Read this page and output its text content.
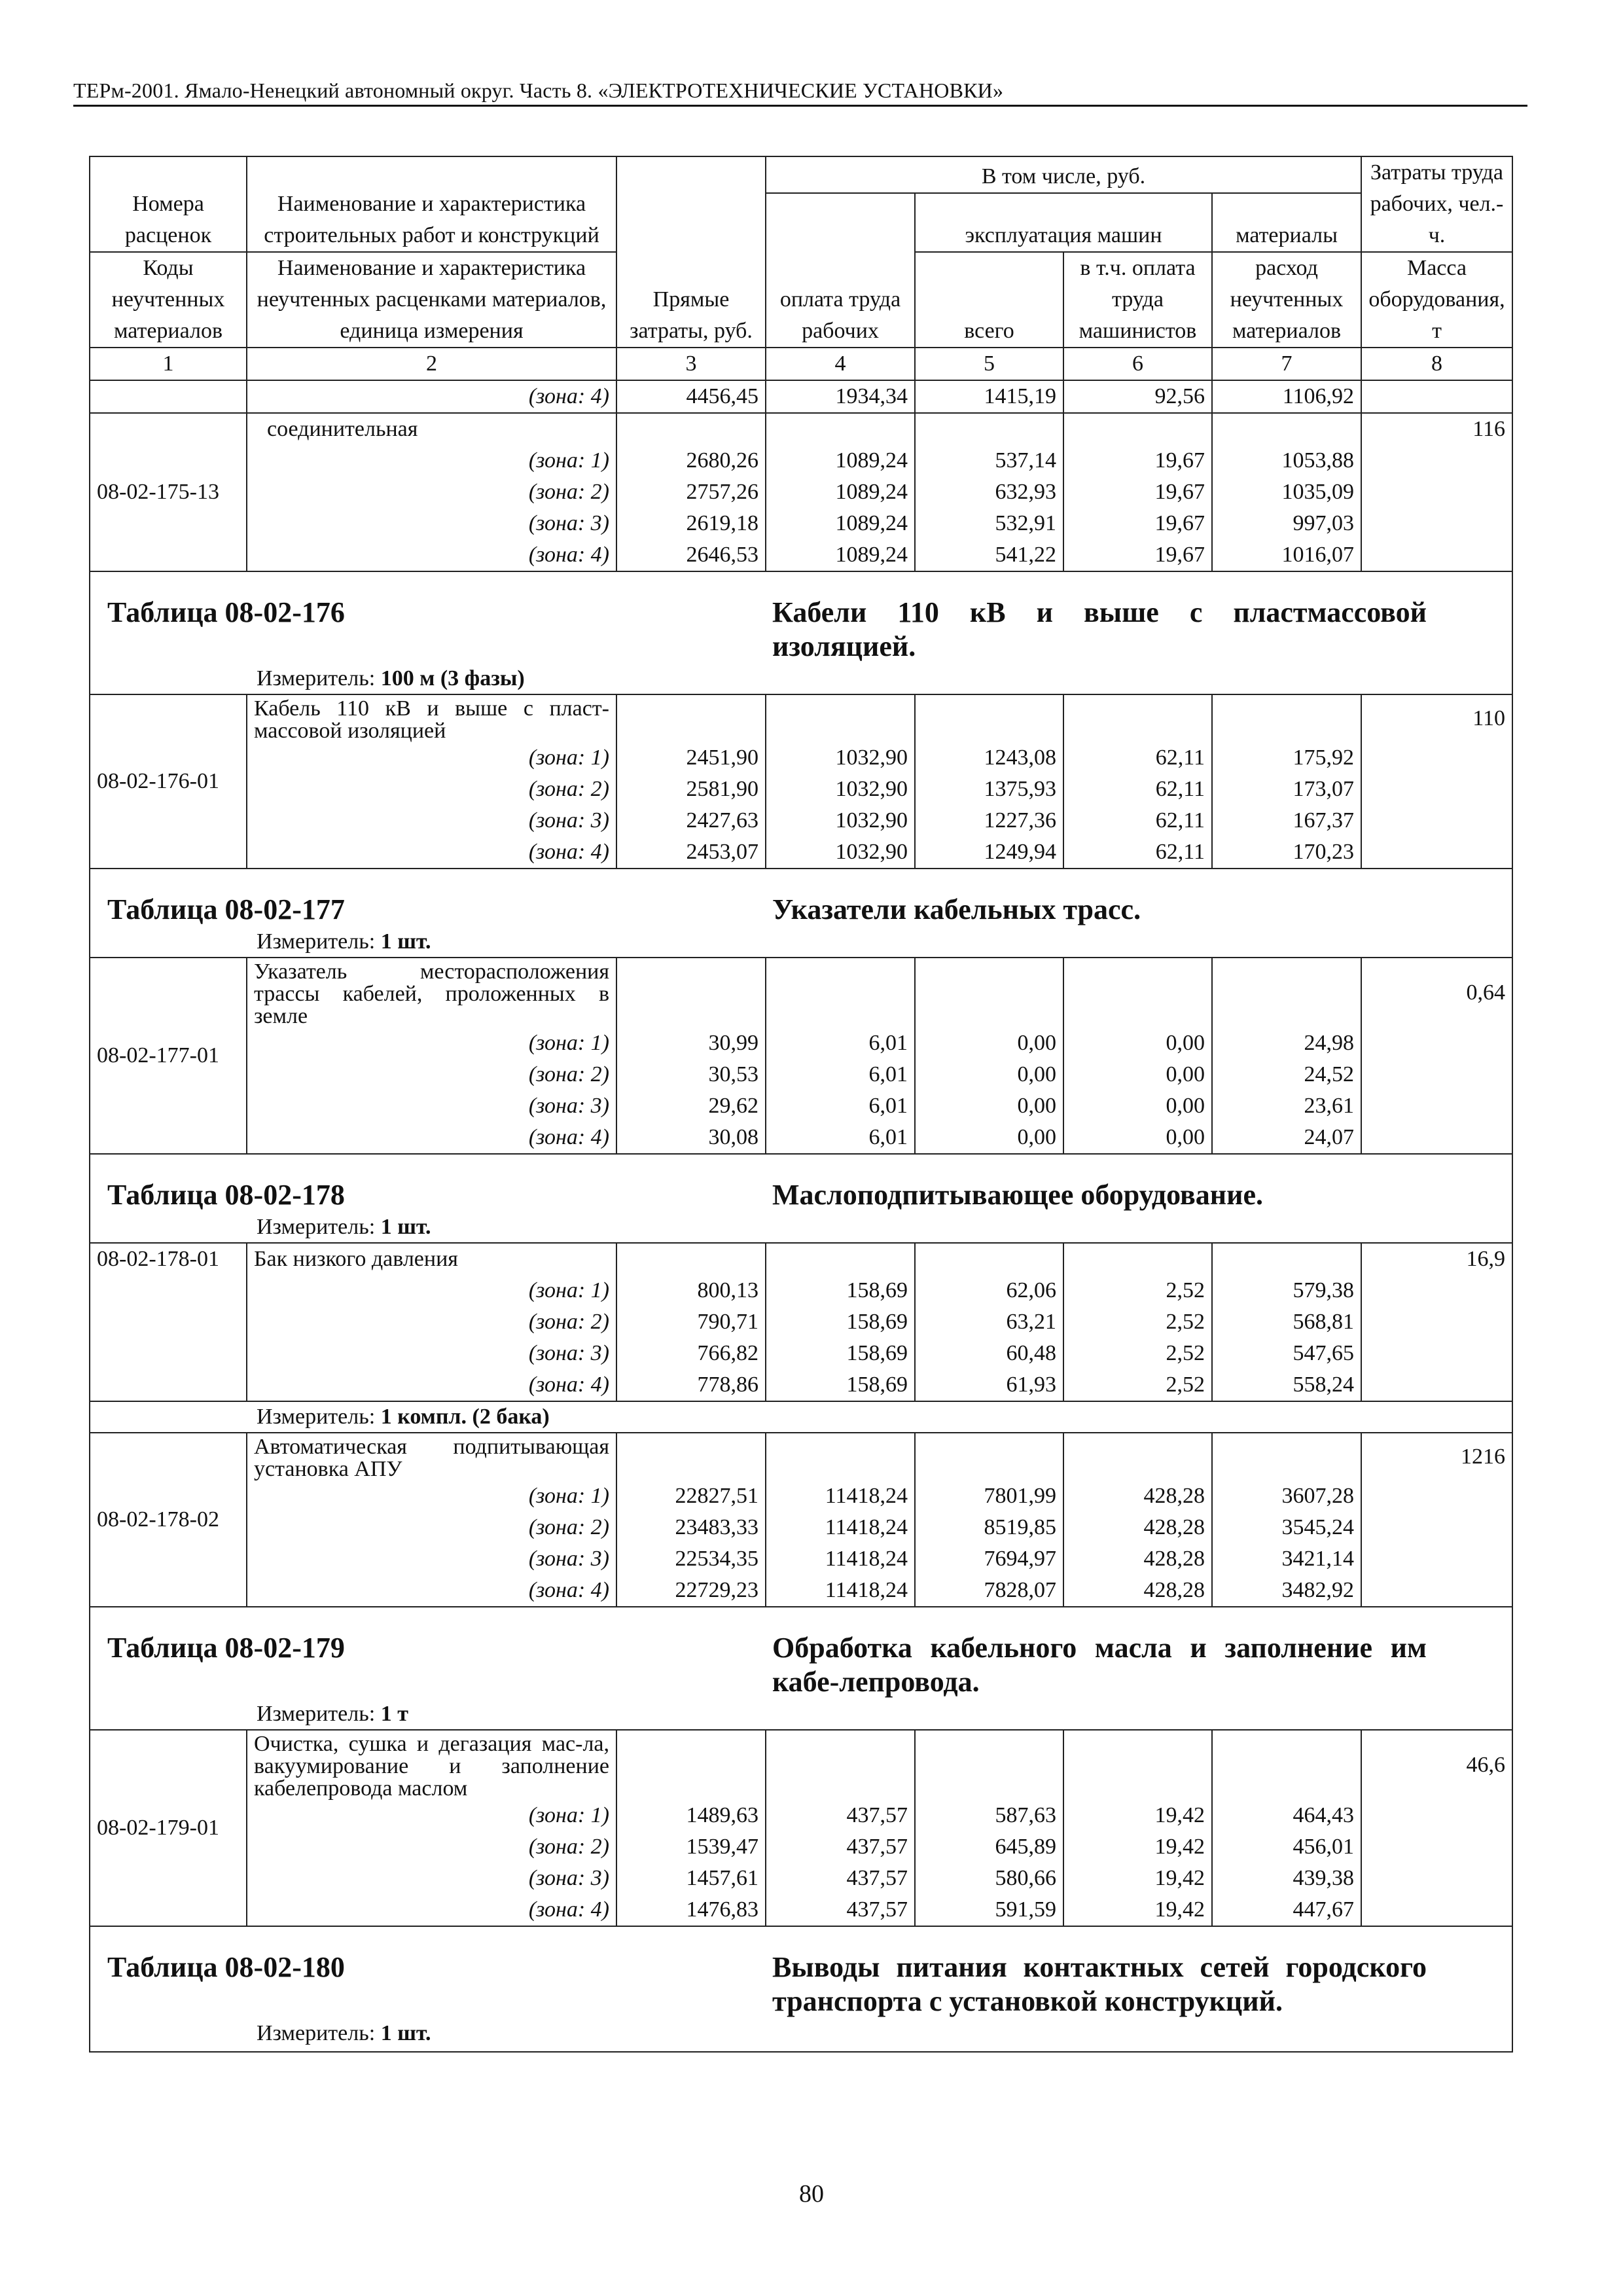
ТЕРм-2001. Ямало-Ненецкий автономный округ. Часть 8. «ЭЛЕКТРОТЕХНИЧЕСКИЕ УСТАНОВКИ»
Номера расценок	Наименование и характеристика строительных работ и конструкций	Прямые затраты, руб.	В том числе, руб.				Затраты труда рабочих, чел.-ч.
			оплата труда рабочих	эксплуатация машин		материалы	
Коды неучтенных материалов	Наименование и характеристика неучтенных расценками материалов, единица измерения			всего	в т.ч. оплата труда машинистов	расход неучтенных материалов	Масса оборудования, т
1	2	3	4	5	6	7	8
	(зона: 4)	4456,45	1934,34	1415,19	92,56	1106,92	
08-02-175-13	соединительная						116
	(зона: 1)	2680,26	1089,24	537,14	19,67	1053,88	
	(зона: 2)	2757,26	1089,24	632,93	19,67	1035,09	
	(зона: 3)	2619,18	1089,24	532,91	19,67	997,03	
	(зона: 4)	2646,53	1089,24	541,22	19,67	1016,07	
Таблица 08-02-176			Кабели 110 кВ и выше с пластмассовой изоляцией.				
Измеритель: 100 м (3 фазы)							
08-02-176-01	Кабель 110 кВ и выше с пласт-массовой изоляцией						110
	(зона: 1)	2451,90	1032,90	1243,08	62,11	175,92	
	(зона: 2)	2581,90	1032,90	1375,93	62,11	173,07	
	(зона: 3)	2427,63	1032,90	1227,36	62,11	167,37	
	(зона: 4)	2453,07	1032,90	1249,94	62,11	170,23	
Таблица 08-02-177			Указатели кабельных трасс.				
Измеритель: 1 шт.							
08-02-177-01	Указатель месторасположения трассы кабелей, проложенных в земле						0,64
	(зона: 1)	30,99	6,01	0,00	0,00	24,98	
	(зона: 2)	30,53	6,01	0,00	0,00	24,52	
	(зона: 3)	29,62	6,01	0,00	0,00	23,61	
	(зона: 4)	30,08	6,01	0,00	0,00	24,07	
Таблица 08-02-178			Маслоподпитывающее оборудование.				
Измеритель: 1 шт.							
08-02-178-01	Бак низкого давления						16,9
	(зона: 1)	800,13	158,69	62,06	2,52	579,38	
	(зона: 2)	790,71	158,69	63,21	2,52	568,81	
	(зона: 3)	766,82	158,69	60,48	2,52	547,65	
	(зона: 4)	778,86	158,69	61,93	2,52	558,24	
Измеритель: 1 компл. (2 бака)							
08-02-178-02	Автоматическая подпитывающая установка АПУ						1216
	(зона: 1)	22827,51	11418,24	7801,99	428,28	3607,28	
	(зона: 2)	23483,33	11418,24	8519,85	428,28	3545,24	
	(зона: 3)	22534,35	11418,24	7694,97	428,28	3421,14	
	(зона: 4)	22729,23	11418,24	7828,07	428,28	3482,92	
Таблица 08-02-179			Обработка кабельного масла и заполнение им кабе-лепровода.				
Измеритель: 1 т							
08-02-179-01	Очистка, сушка и дегазация мас-ла, вакуумирование и заполнение кабелепровода маслом						46,6
	(зона: 1)	1489,63	437,57	587,63	19,42	464,43	
	(зона: 2)	1539,47	437,57	645,89	19,42	456,01	
	(зона: 3)	1457,61	437,57	580,66	19,42	439,38	
	(зона: 4)	1476,83	437,57	591,59	19,42	447,67	
Таблица 08-02-180			Выводы питания контактных сетей городского транспорта с установкой конструкций.				
Измеритель: 1 шт.							
80
